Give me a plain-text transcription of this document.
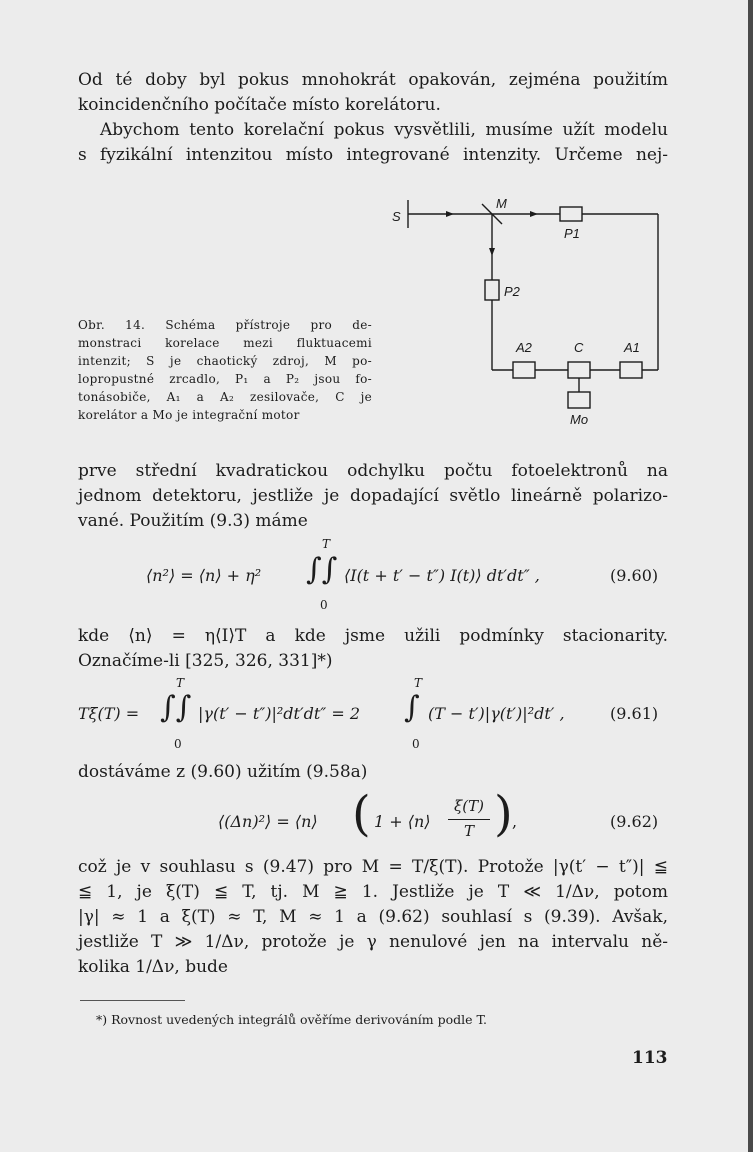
Od té doby byl pokus mnohokrát opakován, zejména použitím
koincidenčního počítače místo korelátoru.
Abychom tento korelační pokus vysvětlili, musíme užít modelu
s fyzikální intenzitou místo integrované intenzity. Určeme nej-
S
M
P1
P2
A2	C	A1
Mo
Obr. 14. Schéma přístroje pro de-
monstraci korelace mezi fluktuacemi
intenzit; S je chaotický zdroj, M po-
lopropustné zrcadlo, P₁ a P₂ jsou fo-
tonásobiče, A₁ a A₂ zesilovače, C je
korelátor a Mo je integrační motor
prve střední kvadratickou odchylku počtu fotoelektronů na
jednom detektoru, jestliže je dopadající světlo lineárně polarizo-
vané. Použitím (9.3) máme
⟨n²⟩ = ⟨n⟩ + η²
T
∫∫
0
⟨I(t + t′ − t″) I(t)⟩ dt′dt″ ,	(9.60)
kde ⟨n⟩ = η⟨I⟩T a kde jsme užili podmínky stacionarity.
Označíme-li [325, 326, 331]*)
Tξ(T) =
T
∫∫
0
|γ(t′ − t″)|²dt′dt″ = 2
T
∫
0
(T − t′)|γ(t′)|²dt′ ,	(9.61)
dostáváme z (9.60) užitím (9.58a)
⟨(Δn)²⟩ = ⟨n⟩ ( 1 + ⟨n⟩
ξ(T)
T ) ,	(9.62)
což je v souhlasu s (9.47) pro M = T/ξ(T). Protože |γ(t′ − t″)| ≦
≦ 1, je ξ(T) ≦ T, tj. M ≧ 1. Jestliže je T ≪ 1/Δν, potom
|γ| ≈ 1 a ξ(T) ≈ T, M ≈ 1 a (9.62) souhlasí s (9.39). Avšak,
jestliže T ≫ 1/Δν, protože je γ nenulové jen na intervalu ně-
kolika 1/Δν, bude
*) Rovnost uvedených integrálů ověříme derivováním podle T.
113
